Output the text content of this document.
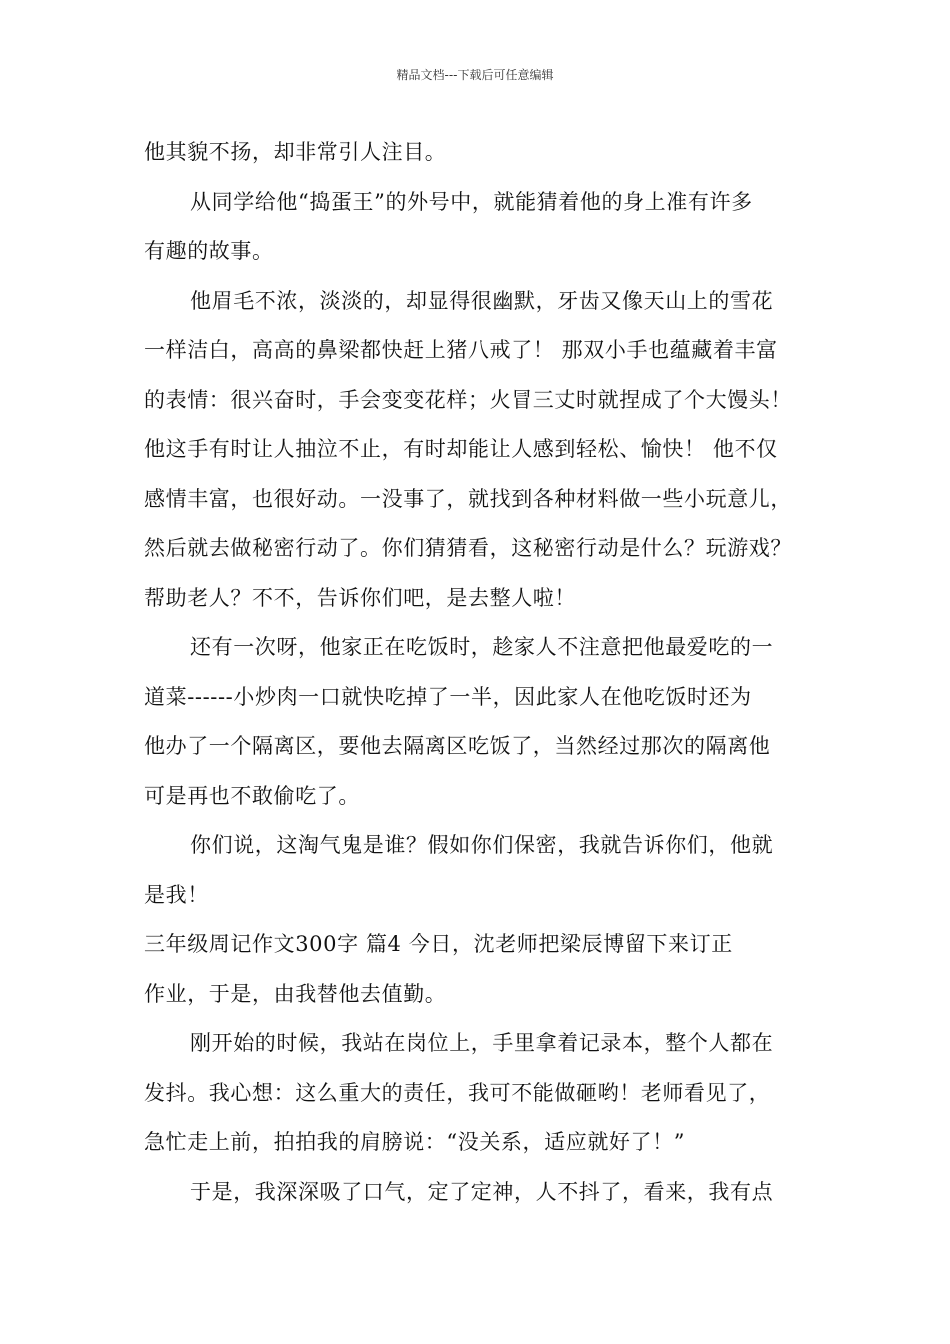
精品文档---下载后可任意编辑
他其貌不扬，却非常引人注目。
从同学给他“捣蛋王”的外号中，就能猜着他的身上准有许多
有趣的故事。
他眉毛不浓，淡淡的，却显得很幽默，牙齿又像天山上的雪花
一样洁白，高高的鼻梁都快赶上猪八戒了！ 那双小手也蕴藏着丰富
的表情：很兴奋时，手会变变花样；火冒三丈时就捏成了个大馒头！
他这手有时让人抽泣不止，有时却能让人感到轻松、愉快！ 他不仅
感情丰富，也很好动。一没事了，就找到各种材料做一些小玩意儿，
然后就去做秘密行动了。你们猜猜看，这秘密行动是什么？玩游戏？
帮助老人？不不，告诉你们吧，是去整人啦！
还有一次呀，他家正在吃饭时，趁家人不注意把他最爱吃的一
道菜------小炒肉一口就快吃掉了一半，因此家人在他吃饭时还为
他办了一个隔离区，要他去隔离区吃饭了，当然经过那次的隔离他
可是再也不敢偷吃了。
你们说，这淘气鬼是谁？假如你们保密，我就告诉你们，他就
是我！
三年级周记作文300字 篇4 今日，沈老师把梁辰博留下来订正
作业，于是，由我替他去值勤。
刚开始的时候，我站在岗位上，手里拿着记录本，整个人都在
发抖。我心想：这么重大的责任，我可不能做砸哟！老师看见了，
急忙走上前，拍拍我的肩膀说：“没关系，适应就好了！”
于是，我深深吸了口气，定了定神，人不抖了，看来，我有点
